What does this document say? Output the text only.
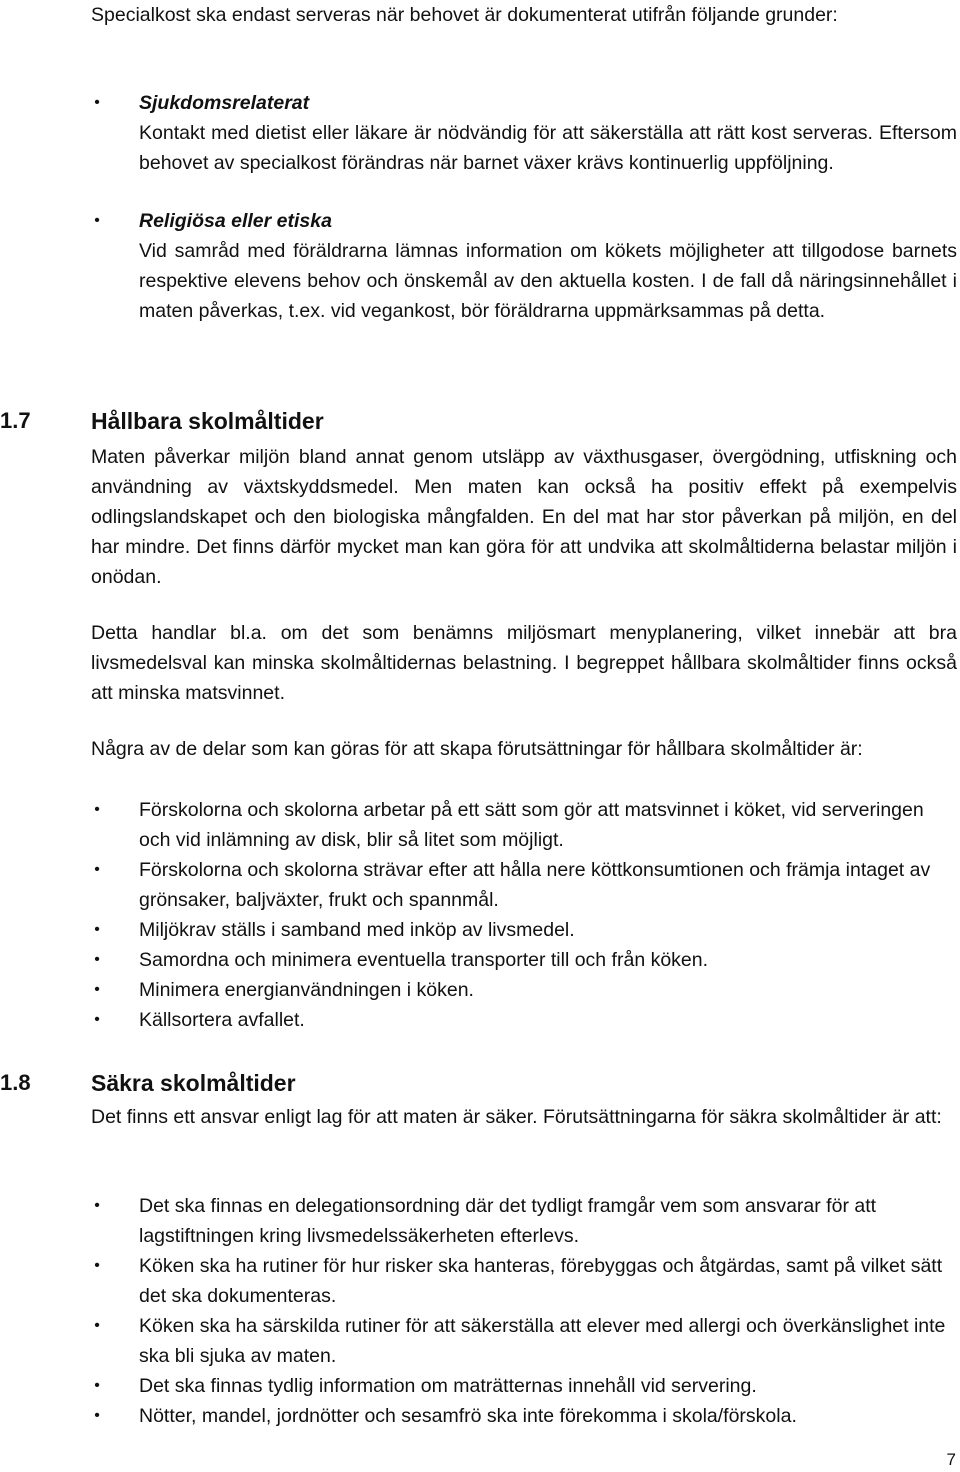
Specialkost ska endast serveras när behovet är dokumenterat utifrån följande grunder:

• Sjukdomsrelaterat
Kontakt med dietist eller läkare är nödvändig för att säkerställa att rätt kost serveras. Eftersom behovet av specialkost förändras när barnet växer krävs kontinuerlig uppföljning.
• Religiösa eller etiska
Vid samråd med föräldrarna lämnas information om kökets möjligheter att tillgodose barnets respektive elevens behov och önskemål av den aktuella kosten. I de fall då näringsinnehållet i maten påverkas, t.ex. vid vegankost, bör föräldrarna uppmärksammas på detta.
1.7	Hållbara skolmåltider

Maten påverkar miljön bland annat genom utsläpp av växthusgaser, övergödning, utfiskning och användning av växtskyddsmedel. Men maten kan också ha positiv effekt på exempelvis odlingslandskapet och den biologiska mångfalden. En del mat har stor påverkan på miljön, en del har mindre. Det finns därför mycket man kan göra för att undvika att skolmåltiderna belastar miljön i onödan.

Detta handlar bl.a. om det som benämns miljösmart menyplanering, vilket innebär att bra livsmedelsval kan minska skolmåltidernas belastning. I begreppet hållbara skolmåltider finns också att minska matsvinnet.

Några av de delar som kan göras för att skapa förutsättningar för hållbara skolmåltider är:

• Förskolorna och skolorna arbetar på ett sätt som gör att matsvinnet i köket, vid serveringen och vid inlämning av disk, blir så litet som möjligt.
• Förskolorna och skolorna strävar efter att hålla nere köttkonsumtionen och främja intaget av grönsaker, baljväxter, frukt och spannmål.
• Miljökrav ställs i samband med inköp av livsmedel.
• Samordna och minimera eventuella transporter till och från köken.
• Minimera energianvändningen i köken.
• Källsortera avfallet.
1.8	Säkra skolmåltider

Det finns ett ansvar enligt lag för att maten är säker. Förutsättningarna för säkra skolmåltider är att:

• Det ska finnas en delegationsordning där det tydligt framgår vem som ansvarar för att lagstiftningen kring livsmedelssäkerheten efterlevs.
• Köken ska ha rutiner för hur risker ska hanteras, förebyggas och åtgärdas, samt på vilket sätt det ska dokumenteras.
• Köken ska ha särskilda rutiner för att säkerställa att elever med allergi och överkänslighet inte ska bli sjuka av maten.
• Det ska finnas tydlig information om maträtternas innehåll vid servering.
• Nötter, mandel, jordnötter och sesamfrö ska inte förekomma i skola/förskola.
7
